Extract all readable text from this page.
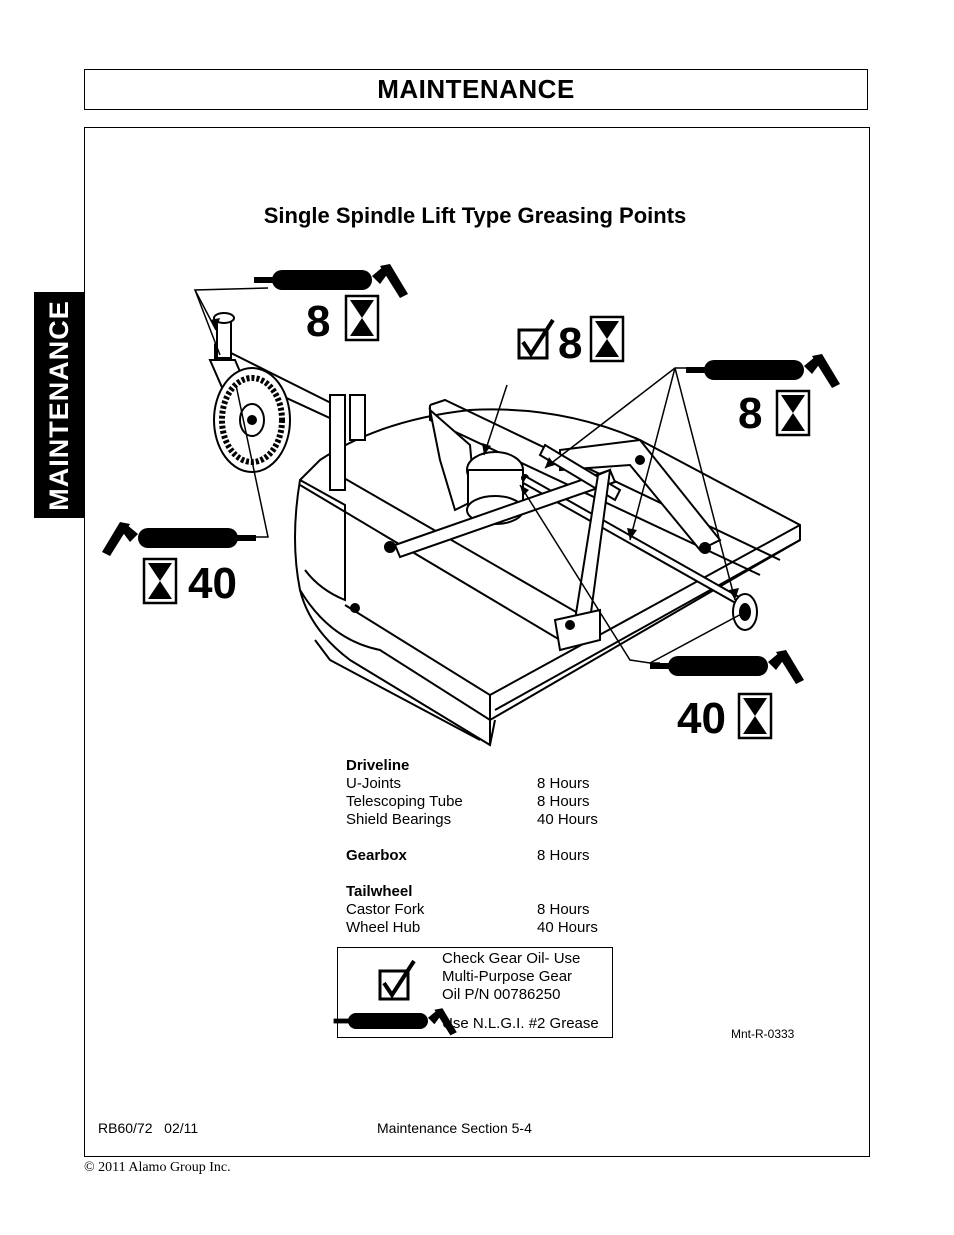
MAINTENANCE
MAINTENANCE
Single Spindle Lift Type Greasing Points
8	8
8
40
40
Driveline
U-Joints	8 Hours
Telescoping Tube	8 Hours
Shield Bearings	40 Hours
Gearbox	8 Hours
Tailwheel
Castor Fork	8 Hours
Wheel Hub	40 Hours
Check Gear Oil- Use
Multi-Purpose Gear
Oil P/N 00786250
Use N.L.G.I. #2 Grease
Mnt-R-0333
RB60/72   02/11	Maintenance Section 5-4
© 2011 Alamo Group Inc.
